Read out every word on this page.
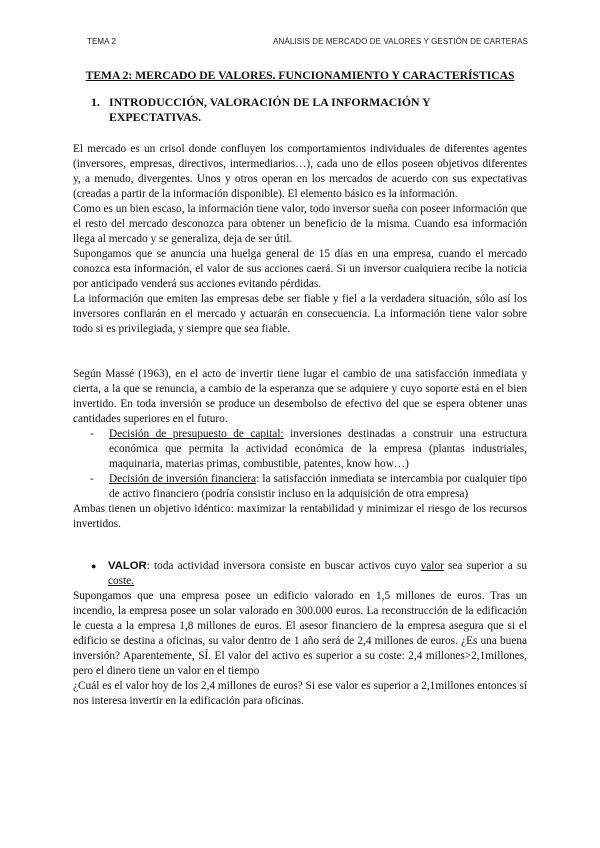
TEMA 2	ANÁLISIS DE MERCADO DE VALORES Y GESTIÓN DE CARTERAS
TEMA 2: MERCADO DE VALORES. FUNCIONAMIENTO Y CARACTERÍSTICAS
1. INTRODUCCIÓN, VALORACIÓN DE LA INFORMACIÓN Y
EXPECTATIVAS.

El mercado es un crisol donde confluyen los comportamientos individuales de diferentes agentes (inversores, empresas, directivos, intermediarios…), cada uno de ellos poseen objetivos diferentes y, a menudo, divergentes. Unos y otros operan en los mercados de acuerdo con sus expectativas (creadas a partir de la información disponible). El elemento básico es la información.

Como es un bien escaso, la información tiene valor, todo inversor sueña con poseer información que el resto del mercado desconozca para obtener un beneficio de la misma. Cuando esa información llega al mercado y se generaliza, deja de ser útil.

Supongamos que se anuncia una huelga general de 15 días en una empresa, cuando el mercado conozca esta información, el valor de sus acciones caerá. Si un inversor cualquiera recibe la noticia por anticipado venderá sus acciones evitando pérdidas.

La información que emiten las empresas debe ser fiable y fiel a la verdadera situación, sólo así los inversores confiarán en el mercado y actuarán en consecuencia. La información tiene valor sobre todo si es privilegiada, y siempre que sea fiable.

Según Massé (1963), en el acto de invertir tiene lugar el cambio de una satisfacción inmediata y cierta, a la que se renuncia, a cambio de la esperanza que se adquiere y cuyo soporte está en el bien invertido. En toda inversión se produce un desembolso de efectivo del que se espera obtener unas cantidades superiores en el futuro.

-	Decisión de presupuesto de capital: inversiones destinadas a construir una estructura económica que permita la actividad económica de la empresa (plantas industriales, maquinaria, materias primas, combustible, patentes, know how…)
-	Decisión de inversión financiera: la satisfacción inmediata se intercambia por cualquier tipo de activo financiero (podría consistir incluso en la adquisición de otra empresa)

Ambas tienen un objetivo idéntico: maximizar la rentabilidad y minimizar el riesgo de los recursos invertidos.

●	VALOR: toda actividad inversora consiste en buscar activos cuyo valor sea superior a su coste.

Supongamos que una empresa posee un edificio valorado en 1,5 millones de euros. Tras un incendio, la empresa posee un solar valorado en 300.000 euros. La reconstrucción de la edificación le cuesta a la empresa 1,8 millones de euros. El asesor financiero de la empresa asegura que si el edificio se destina a oficinas, su valor dentro de 1 año será de 2,4 millones de euros. ¿Es una buena inversión? Aparentemente, SÍ. El valor del activo es superior a su coste: 2,4 millones>2,1millones, pero el dinero tiene un valor en el tiempo

¿Cuál es el valor hoy de los 2,4 millones de euros? Si ese valor es superior a 2,1millones entonces sí nos interesa invertir en la edificación para oficinas.
